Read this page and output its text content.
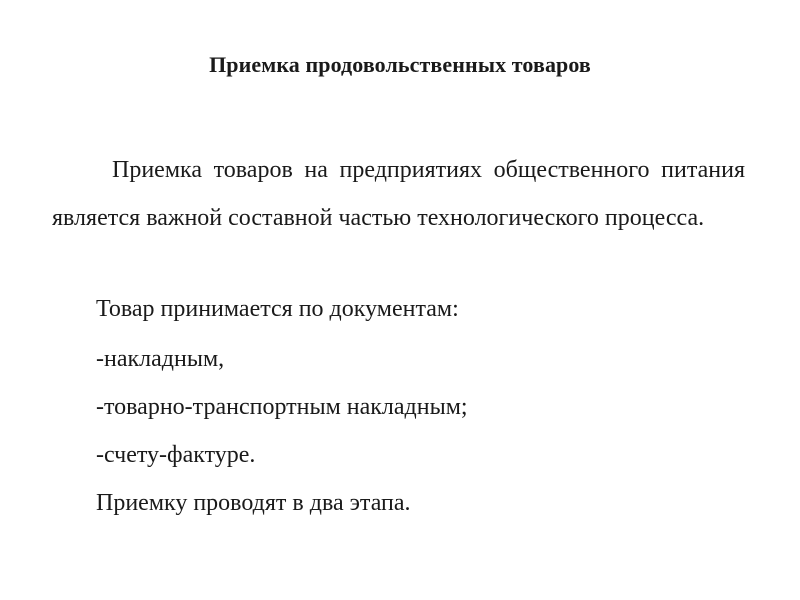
Приемка продовольственных товаров
Приемка товаров на предприятиях общественного питания является важной составной частью технологического процесса.
Товар принимается по документам:
-накладным,
-товарно-транспортным накладным;
-счету-фактуре.
Приемку проводят в два этапа.
